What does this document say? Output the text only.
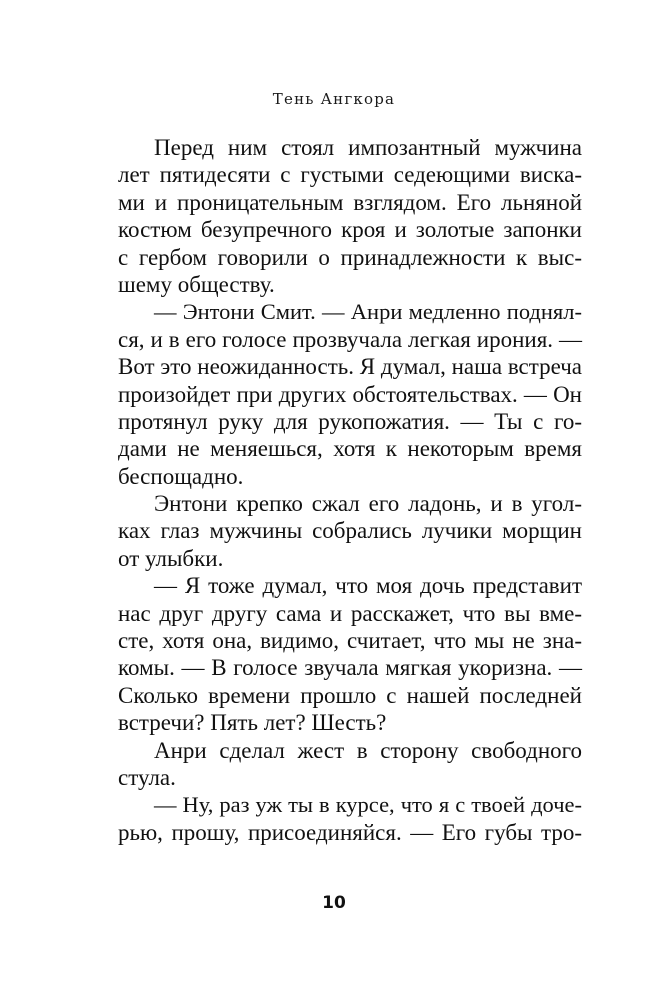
Тень Ангкора
Перед ним стоял импозантный мужчина
лет пятидесяти с густыми седеющими виска-
ми и проницательным взглядом. Его льняной
костюм безупречного кроя и золотые запонки
с гербом говорили о принадлежности к выс-
шему обществу.
— Энтони Смит. — Анри медленно поднял-
ся, и в его голосе прозвучала легкая ирония. —
Вот это неожиданность. Я думал, наша встреча
произойдет при других обстоятельствах. — Он
протянул руку для рукопожатия. — Ты с го-
дами не меняешься, хотя к некоторым время
беспощадно.
Энтони крепко сжал его ладонь, и в угол-
ках глаз мужчины собрались лучики морщин
от улыбки.
— Я тоже думал, что моя дочь представит
нас друг другу сама и расскажет, что вы вме-
сте, хотя она, видимо, считает, что мы не зна-
комы. — В голосе звучала мягкая укоризна. —
Сколько времени прошло с нашей последней
встречи? Пять лет? Шесть?
Анри сделал жест в сторону свободного
стула.
— Ну, раз уж ты в курсе, что я с твоей доче-
рью, прошу, присоединяйся. — Его губы тро-
10
